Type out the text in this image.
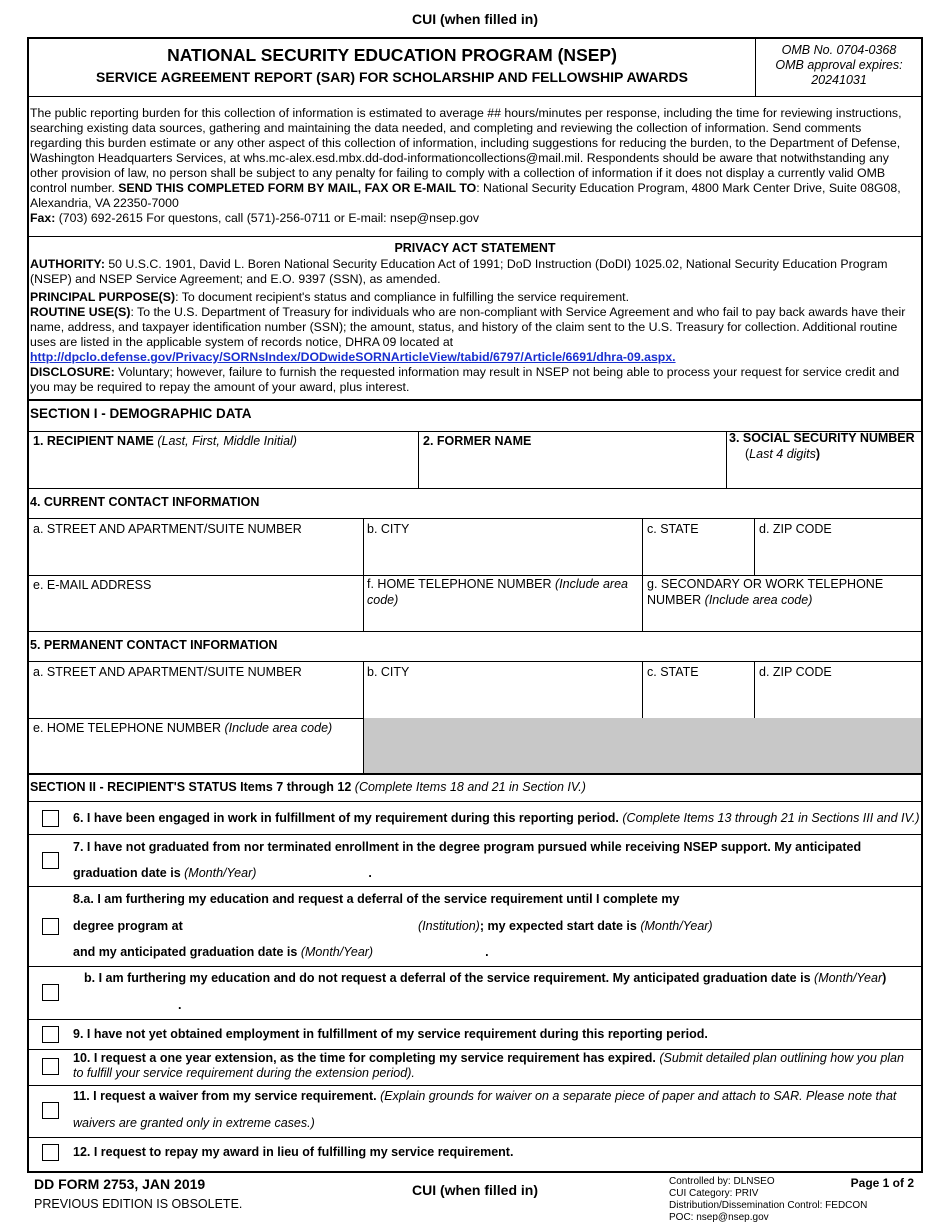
CUI (when filled in)
NATIONAL SECURITY EDUCATION PROGRAM (NSEP)
SERVICE AGREEMENT REPORT (SAR) FOR SCHOLARSHIP AND FELLOWSHIP AWARDS
OMB No. 0704-0368
OMB approval expires:
20241031
The public reporting burden for this collection of information is estimated to average ## hours/minutes per response, including the time for reviewing instructions, searching existing data sources, gathering and maintaining the data needed, and completing and reviewing the collection of information. Send comments regarding this burden estimate or any other aspect of this collection of information, including suggestions for reducing the burden, to the Department of Defense, Washington Headquarters Services, at whs.mc-alex.esd.mbx.dd-dod-informationcollections@mail.mil. Respondents should be aware that notwithstanding any other provision of law, no person shall be subject to any penalty for failing to comply with a collection of information if it does not display a currently valid OMB control number. SEND THIS COMPLETED FORM BY MAIL, FAX OR E-MAIL TO: National Security Education Program, 4800 Mark Center Drive, Suite 08G08, Alexandria, VA 22350-7000
Fax: (703) 692-2615 For questons, call (571)-256-0711 or E-mail: nsep@nsep.gov
PRIVACY ACT STATEMENT

AUTHORITY: 50 U.S.C. 1901, David L. Boren National Security Education Act of 1991; DoD Instruction (DoDI) 1025.02, National Security Education Program (NSEP) and NSEP Service Agreement; and E.O. 9397 (SSN), as amended.

PRINCIPAL PURPOSE(S): To document recipient's status and compliance in fulfilling the service requirement.
ROUTINE USE(S): To the U.S. Department of Treasury for individuals who are non-compliant with Service Agreement and who fail to pay back awards have their name, address, and taxpayer identification number (SSN); the amount, status, and history of the claim sent to the U.S. Treasury for collection. Additional routine uses are listed in the applicable system of records notice, DHRA 09 located at http://dpclo.defense.gov/Privacy/SORNsIndex/DODwideSORNArticleView/tabid/6797/Article/6691/dhra-09.aspx.
DISCLOSURE: Voluntary; however, failure to furnish the requested information may result in NSEP not being able to process your request for service credit and you may be required to repay the amount of your award, plus interest.

SECTION I - DEMOGRAPHIC DATA
1. RECIPIENT NAME (Last, First, Middle Initial)	2. FORMER NAME	3. SOCIAL SECURITY NUMBER
(Last 4 digits)
4. CURRENT CONTACT INFORMATION
a. STREET AND APARTMENT/SUITE NUMBER	b. CITY	c. STATE	d. ZIP CODE
e. E-MAIL ADDRESS	f. HOME TELEPHONE NUMBER (Include area code)
g. SECONDARY OR WORK TELEPHONE NUMBER (Include area code)
5. PERMANENT CONTACT INFORMATION
a. STREET AND APARTMENT/SUITE NUMBER	b. CITY	c. STATE	d. ZIP CODE
e. HOME TELEPHONE NUMBER (Include area code)
SECTION II - RECIPIENT'S STATUS Items 7 through 12 (Complete Items 18 and 21 in Section IV.)
6. I have been engaged in work in fulfillment of my requirement during this reporting period. (Complete Items 13 through 21 in Sections III and IV.)
7. I have not graduated from nor terminated enrollment in the degree program pursued while receiving NSEP support. My anticipated
graduation date is (Month/Year)	.
8.a. I am furthering my education and request a deferral of the service requirement until I complete my
degree program at	(Institution); my expected start date is (Month/Year)
and my anticipated graduation date is (Month/Year)	.
b. I am furthering my education and do not request a deferral of the service requirement. My anticipated graduation date is (Month/Year)
.
9. I have not yet obtained employment in fulfillment of my service requirement during this reporting period.
10. I request a one year extension, as the time for completing my service requirement has expired. (Submit detailed plan outlining how you plan to fulfill your service requirement during the extension period).
11. I request a waiver from my service requirement. (Explain grounds for waiver on a separate piece of paper and attach to SAR. Please note that
waivers are granted only in extreme cases.)
12. I request to repay my award in lieu of fulfilling my service requirement.
DD FORM 2753, JAN 2019
PREVIOUS EDITION IS OBSOLETE.
CUI (when filled in)
Controlled by: DLNSEO
CUI Category: PRIV
Distribution/Dissemination Control: FEDCON
POC: nsep@nsep.gov
Page 1 of 2
